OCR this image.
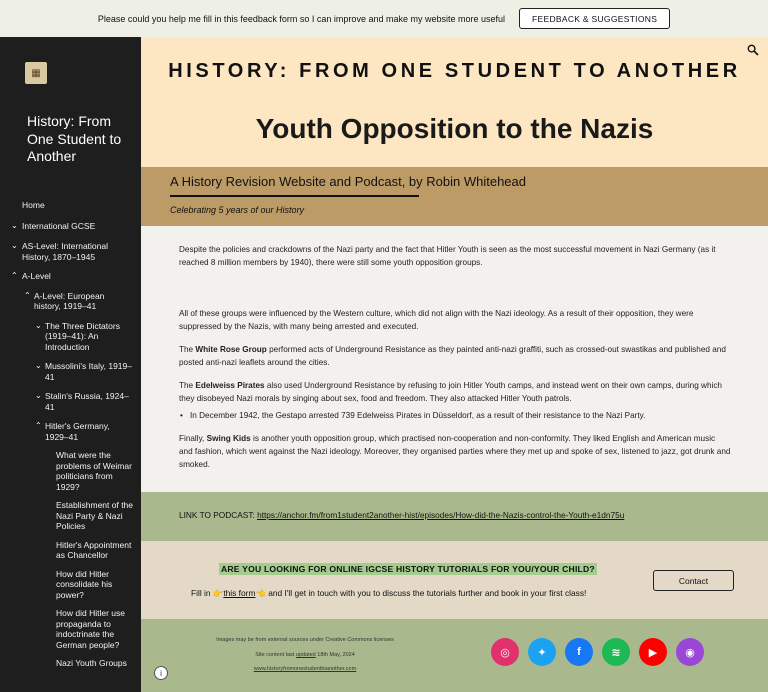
Please could you help me fill in this feedback form so I can improve and make my website more useful	FEEDBACK & SUGGESTIONS
▦
History: From One Student to Another
Home
⌄ International GCSE
⌄ AS-Level: International History, 1870–1945
⌃ A-Level
⌃ A-Level: European history, 1919–41
⌄ The Three Dictators (1919–41): An Introduction
⌄ Mussolini's Italy, 1919–41
⌄ Stalin's Russia, 1924–41
⌃ Hitler's Germany, 1929–41
What were the problems of Weimar politicians from 1929?
Establishment of the Nazi Party & Nazi Policies
Hitler's Appointment as Chancellor
How did Hitler consolidate his power?
How did Hitler use propaganda to indoctrinate the German people?
Nazi Youth Groups
HISTORY: FROM ONE STUDENT TO ANOTHER
Youth Opposition to the Nazis
A History Revision Website and Podcast, by Robin Whitehead
Celebrating 5 years of our History

Despite the policies and crackdowns of the Nazi party and the fact that Hitler Youth is seen as the most successful movement in Nazi Germany (as it reached 8 million members by 1940), there were still some youth opposition groups.

All of these groups were influenced by the Western culture, which did not align with the Nazi ideology. As a result of their opposition, they were suppressed by the Nazis, with many being arrested and executed.

The White Rose Group performed acts of Underground Resistance as they painted anti-nazi graffiti, such as crossed-out swastikas and published and posted anti-nazi leaflets around the cities.

The Edelweiss Pirates also used Underground Resistance by refusing to join Hitler Youth camps, and instead went on their own camps, during which they disobeyed Nazi morals by singing about sex, food and freedom. They also attacked Hitler Youth patrols.

• In December 1942, the Gestapo arrested 739 Edelweiss Pirates in Düsseldorf, as a result of their resistance to the Nazi Party.

Finally, Swing Kids is another youth opposition group, which practised non-cooperation and non-conformity. They liked English and American music and fashion, which went against the Nazi ideology. Moreover, they organised parties where they met up and spoke of sex, listened to jazz, got drunk and smoked.

LINK TO PODCAST: https://anchor.fm/from1student2another-hist/episodes/How-did-the-Nazis-control-the-Youth-e1dn75u
ARE YOU LOOKING FOR ONLINE IGCSE HISTORY TUTORIALS FOR YOU/YOUR CHILD?
Fill in 👉this form👈 and I'll get in touch with you to discuss the tutorials further and book in your first class!
Contact
Images may be from external sources under Creative Commons licenses
Site content last updated 18th May, 2024
www.historyfromonestudenttoanother.com
◎	✦	f	≋	▶	◉
i
